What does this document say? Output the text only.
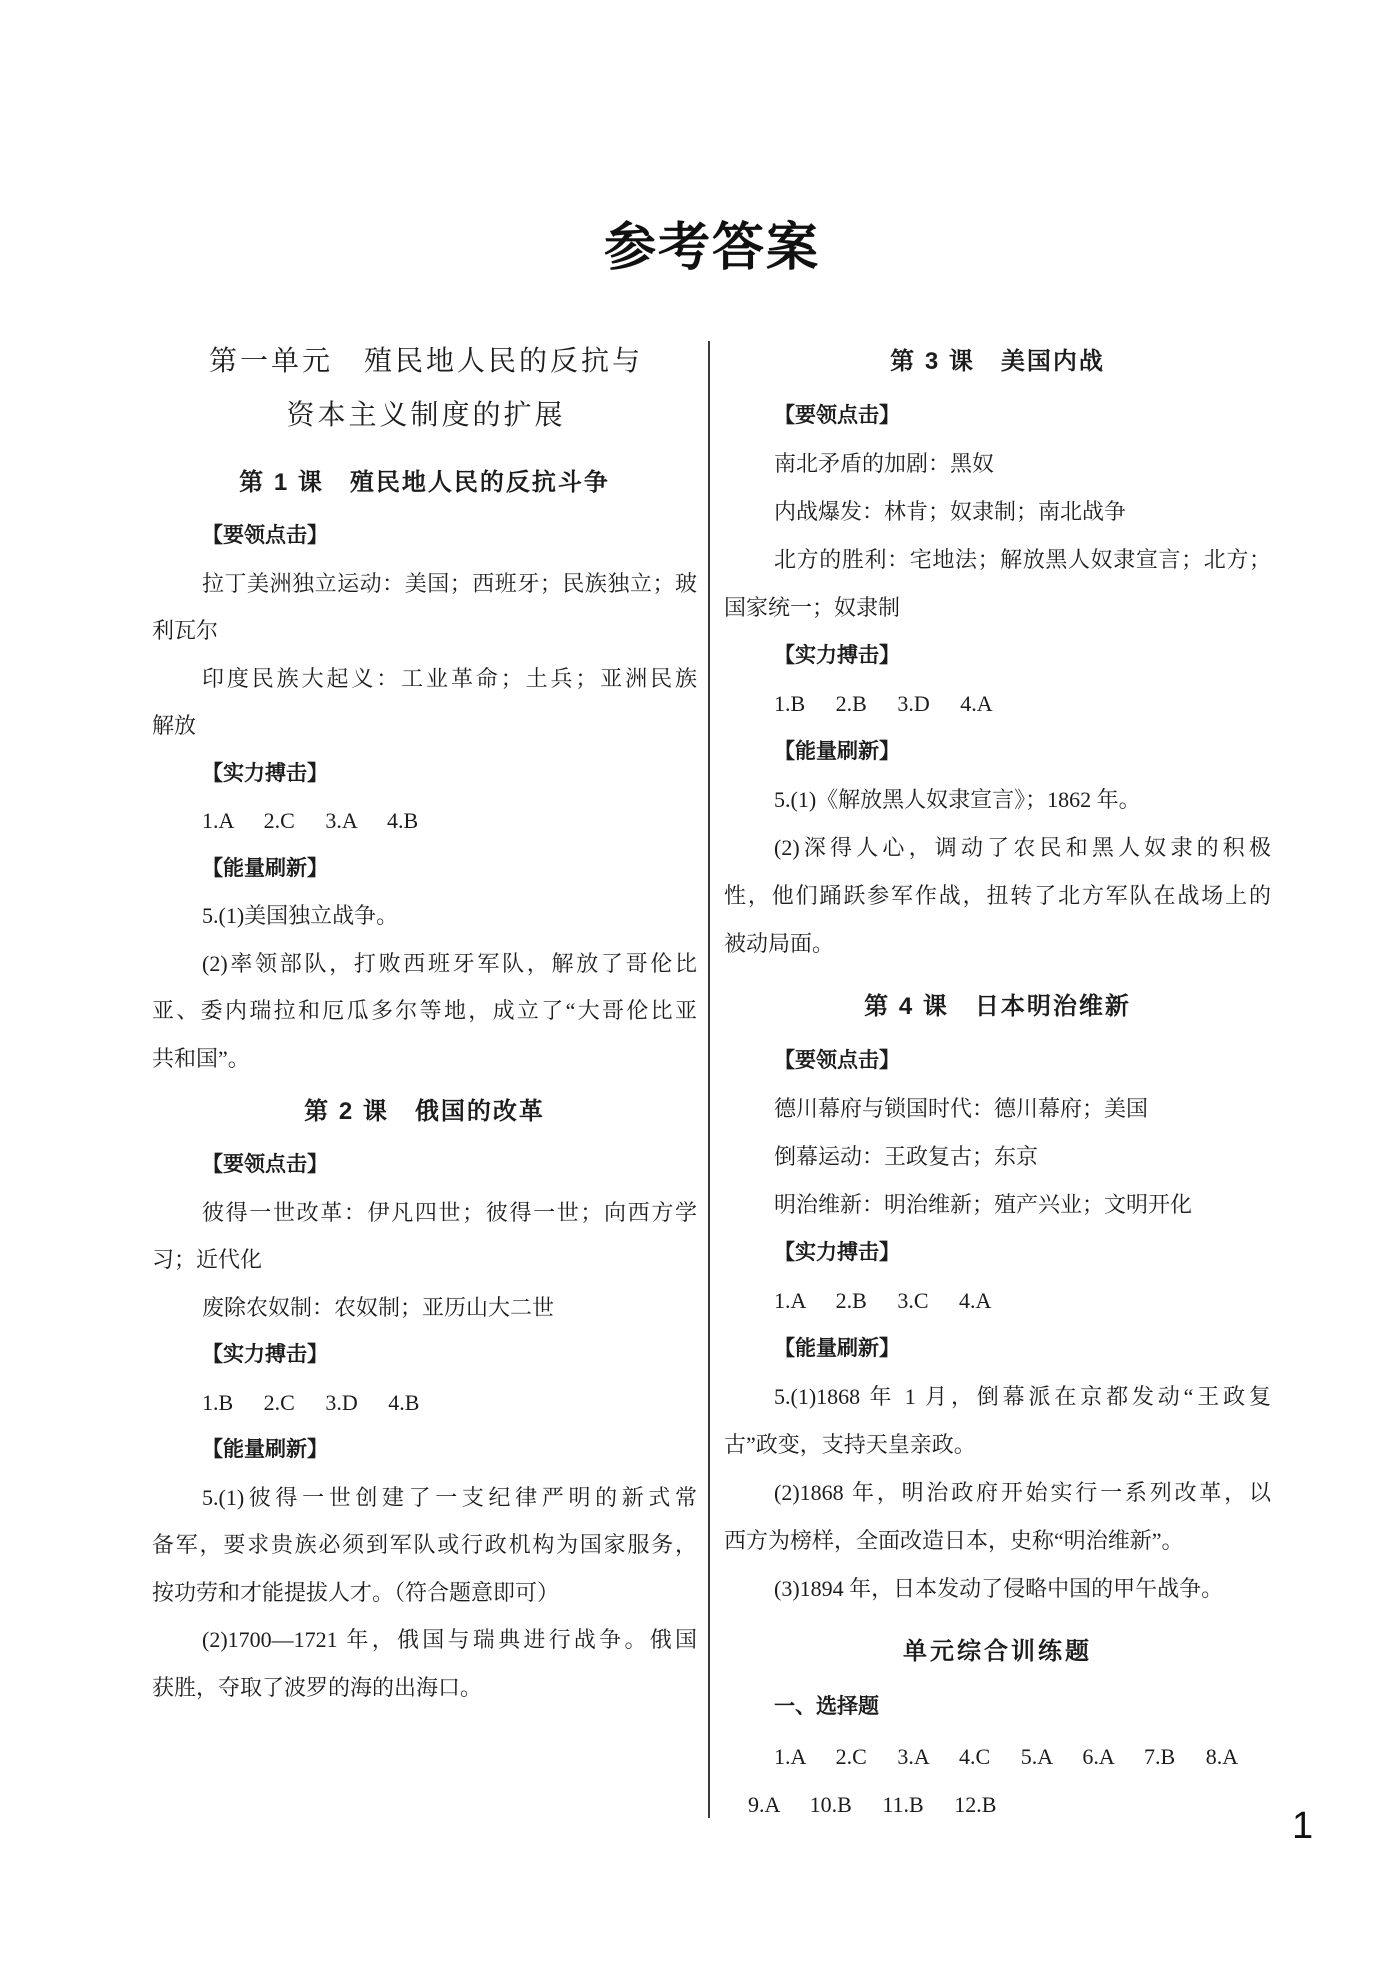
参考答案
第一单元　殖民地人民的反抗与
资本主义制度的扩展
第 1 课　殖民地人民的反抗斗争
【要领点击】
拉丁美洲独立运动：美国；西班牙；民族独立；玻
利瓦尔
印度民族大起义：工业革命；土兵；亚洲民族
解放
【实力搏击】
1.A 2.C 3.A 4.B
【能量刷新】
5.(1)美国独立战争。
(2)率领部队，打败西班牙军队，解放了哥伦比
亚、委内瑞拉和厄瓜多尔等地，成立了“大哥伦比亚
共和国”。
第 2 课　俄国的改革
【要领点击】
彼得一世改革：伊凡四世；彼得一世；向西方学
习；近代化
废除农奴制：农奴制；亚历山大二世
【实力搏击】
1.B 2.C 3.D 4.B
【能量刷新】
5.(1)彼得一世创建了一支纪律严明的新式常
备军，要求贵族必须到军队或行政机构为国家服务，
按功劳和才能提拔人才。（符合题意即可）
(2)1700—1721 年，俄国与瑞典进行战争。俄国
获胜，夺取了波罗的海的出海口。
第 3 课　美国内战
【要领点击】
南北矛盾的加剧：黑奴
内战爆发：林肯；奴隶制；南北战争
北方的胜利：宅地法；解放黑人奴隶宣言；北方；
国家统一；奴隶制
【实力搏击】
1.B 2.B 3.D 4.A
【能量刷新】
5.(1)《解放黑人奴隶宣言》；1862 年。
(2)深得人心，调动了农民和黑人奴隶的积极
性，他们踊跃参军作战，扭转了北方军队在战场上的
被动局面。
第 4 课　日本明治维新
【要领点击】
德川幕府与锁国时代：德川幕府；美国
倒幕运动：王政复古；东京
明治维新：明治维新；殖产兴业；文明开化
【实力搏击】
1.A 2.B 3.C 4.A
【能量刷新】
5.(1)1868 年 1 月，倒幕派在京都发动“王政复
古”政变，支持天皇亲政。
(2)1868 年，明治政府开始实行一系列改革，以
西方为榜样，全面改造日本，史称“明治维新”。
(3)1894 年，日本发动了侵略中国的甲午战争。
单元综合训练题
一、选择题
1.A 2.C 3.A 4.C 5.A 6.A 7.B 8.A
9.A 10.B 11.B 12.B
1
